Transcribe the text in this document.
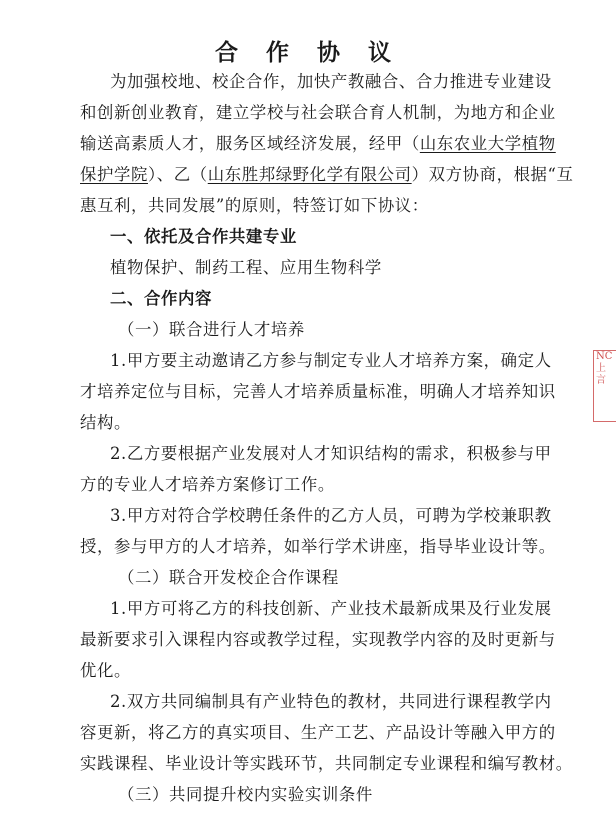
合 作 协 议
为加强校地、校企合作，加快产教融合、合力推进专业建设
和创新创业教育，建立学校与社会联合育人机制，为地方和企业
输送高素质人才，服务区域经济发展，经甲（山东农业大学植物
保护学院）、乙（山东胜邦绿野化学有限公司）双方协商，根据“互
惠互利，共同发展”的原则，特签订如下协议：
一、依托及合作共建专业
植物保护、制药工程、应用生物科学
二、合作内容
（一）联合进行人才培养
1.甲方要主动邀请乙方参与制定专业人才培养方案，确定人
才培养定位与目标，完善人才培养质量标准，明确人才培养知识
结构。
2.乙方要根据产业发展对人才知识结构的需求，积极参与甲
方的专业人才培养方案修订工作。
3.甲方对符合学校聘任条件的乙方人员，可聘为学校兼职教
授，参与甲方的人才培养，如举行学术讲座，指导毕业设计等。
（二）联合开发校企合作课程
1.甲方可将乙方的科技创新、产业技术最新成果及行业发展
最新要求引入课程内容或教学过程，实现教学内容的及时更新与
优化。
2.双方共同编制具有产业特色的教材，共同进行课程教学内
容更新，将乙方的真实项目、生产工艺、产品设计等融入甲方的
实践课程、毕业设计等实践环节，共同制定专业课程和编写教材。
（三）共同提升校内实验实训条件
NC
上
言
